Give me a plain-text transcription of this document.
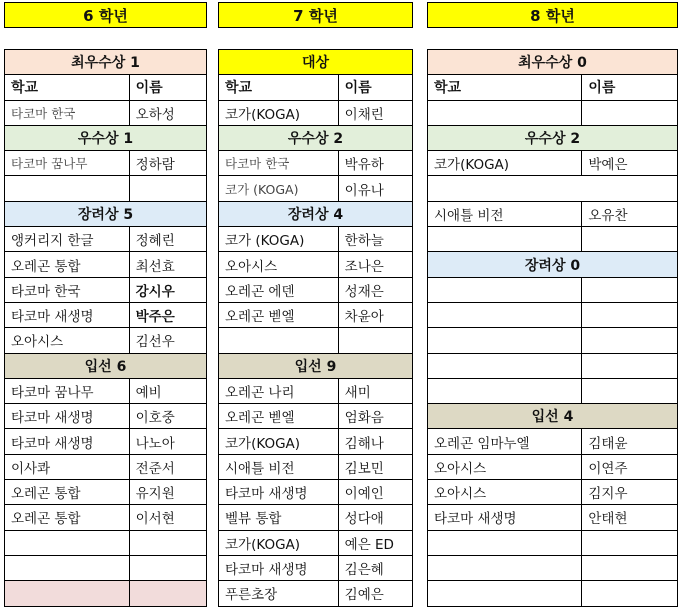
6 학년	7 학년	8 학년
최우수상 1
학교	이름
타코마 한국	오하성
우수상 1
타코마 꿈나무	정하람
장려상 5
앵커리지 한글	정혜린
오레곤 통합	최선효
타코마 한국	강시우
타코마 새생명	박주은
오아시스	김선우
입선 6
타코마 꿈나무	예비
타코마 새생명	이호중
타코마 새생명	나노아
이사콰	전준서
오레곤 통합	유지원
오레곤 통합	이서현
대상
학교	이름
코가(KOGA)	이채린
우수상 2
타코마 한국	박유하
코가 (KOGA)	이유나
장려상 4
코가 (KOGA)	한하늘
오아시스	조나은
오레곤 에덴	성재은
오레곤 벧엘	차윤아
입선 9
오레곤 나리	새미
오레곤 벧엘	엄화음
코가(KOGA)	김해나
시애틀 비전	김보민
타코마 새생명	이예인
벨뷰 통합	성다애
코가(KOGA)	예은 ED
타코마 새생명	김은혜
푸른초장	김예은
최우수상 0
학교	이름
우수상 2
코가(KOGA)	박예은
시애틀 비전	오유찬
장려상 0
입선 4
오레곤 임마누엘	김태윤
오아시스	이연주
오아시스	김지우
타코마 새생명	안태현
